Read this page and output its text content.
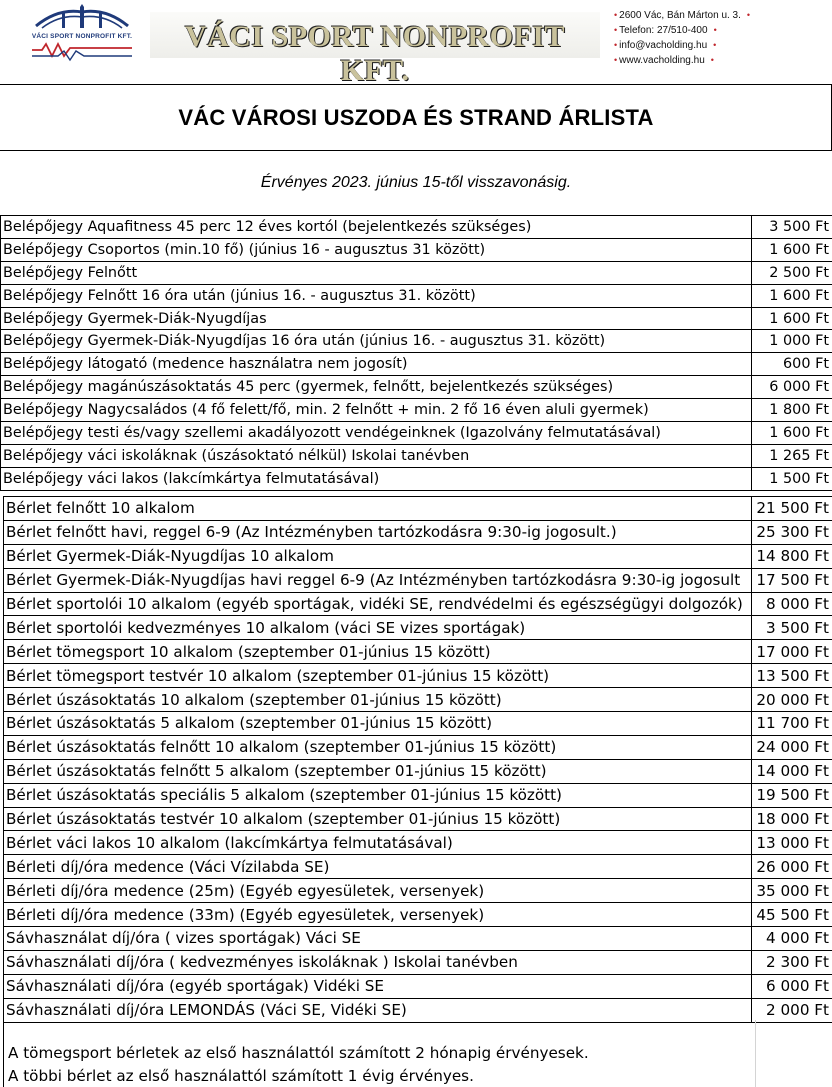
VÁCI SPORT NONPROFIT KFT.	VÁCI SPORT NONPROFIT KFT.
• 2600 Vác, Bán Márton u. 3. •
• Telefon: 27/510-400 •
• info@vacholding.hu •
• www.vacholding.hu •
VÁC VÁROSI USZODA ÉS STRAND ÁRLISTA
Érvényes 2023. június 15-től visszavonásig.
Belépőjegy Aquafitness 45 perc 12 éves kortól (bejelentkezés szükséges)	3 500 Ft
Belépőjegy Csoportos (min.10 fő) (június 16 - augusztus 31 között)	1 600 Ft
Belépőjegy Felnőtt	2 500 Ft
Belépőjegy Felnőtt 16 óra után (június 16. - augusztus 31. között)	1 600 Ft
Belépőjegy Gyermek-Diák-Nyugdíjas	1 600 Ft
Belépőjegy Gyermek-Diák-Nyugdíjas 16 óra után (június 16. - augusztus 31. között)	1 000 Ft
Belépőjegy látogató (medence használatra nem jogosít)	600 Ft
Belépőjegy magánúszásoktatás 45 perc (gyermek, felnőtt, bejelentkezés szükséges)	6 000 Ft
Belépőjegy Nagycsaládos (4 fő felett/fő, min. 2 felnőtt + min. 2 fő 16 éven aluli gyermek)	1 800 Ft
Belépőjegy testi és/vagy szellemi akadályozott vendégeinknek (Igazolvány felmutatásával)	1 600 Ft
Belépőjegy váci iskoláknak (úszásoktató nélkül) Iskolai tanévben	1 265 Ft
Belépőjegy váci lakos (lakcímkártya felmutatásával)	1 500 Ft
Bérlet felnőtt 10 alkalom	21 500 Ft
Bérlet felnőtt havi, reggel 6-9 (Az Intézményben tartózkodásra 9:30-ig jogosult.)	25 300 Ft
Bérlet Gyermek-Diák-Nyugdíjas 10 alkalom	14 800 Ft
Bérlet Gyermek-Diák-Nyugdíjas havi reggel 6-9 (Az Intézményben tartózkodásra 9:30-ig jogosult	17 500 Ft
Bérlet sportolói 10 alkalom (egyéb sportágak, vidéki SE, rendvédelmi és egészségügyi dolgozók)	8 000 Ft
Bérlet sportolói kedvezményes 10 alkalom (váci SE vizes sportágak)	3 500 Ft
Bérlet tömegsport 10 alkalom (szeptember 01-június 15 között)	17 000 Ft
Bérlet tömegsport testvér 10 alkalom (szeptember 01-június 15 között)	13 500 Ft
Bérlet úszásoktatás 10 alkalom (szeptember 01-június 15 között)	20 000 Ft
Bérlet úszásoktatás 5 alkalom (szeptember 01-június 15 között)	11 700 Ft
Bérlet úszásoktatás felnőtt 10 alkalom (szeptember 01-június 15 között)	24 000 Ft
Bérlet úszásoktatás felnőtt 5 alkalom (szeptember 01-június 15 között)	14 000 Ft
Bérlet úszásoktatás speciális 5 alkalom (szeptember 01-június 15 között)	19 500 Ft
Bérlet úszásoktatás testvér 10 alkalom (szeptember 01-június 15 között)	18 000 Ft
Bérlet váci lakos 10 alkalom (lakcímkártya felmutatásával)	13 000 Ft
Bérleti díj/óra medence (Váci Vízilabda SE)	26 000 Ft
Bérleti díj/óra medence (25m) (Egyéb egyesületek, versenyek)	35 000 Ft
Bérleti díj/óra medence (33m) (Egyéb egyesületek, versenyek)	45 500 Ft
Sávhasználat díj/óra ( vizes sportágak) Váci SE	4 000 Ft
Sávhasználati díj/óra ( kedvezményes iskoláknak ) Iskolai tanévben	2 300 Ft
Sávhasználati díj/óra (egyéb sportágak) Vidéki SE	6 000 Ft
Sávhasználati díj/óra LEMONDÁS (Váci SE, Vidéki SE)	2 000 Ft
A tömegsport bérletek az első használattól számított 2 hónapig érvényesek.
A többi bérlet az első használattól számított 1 évig érvényes.
